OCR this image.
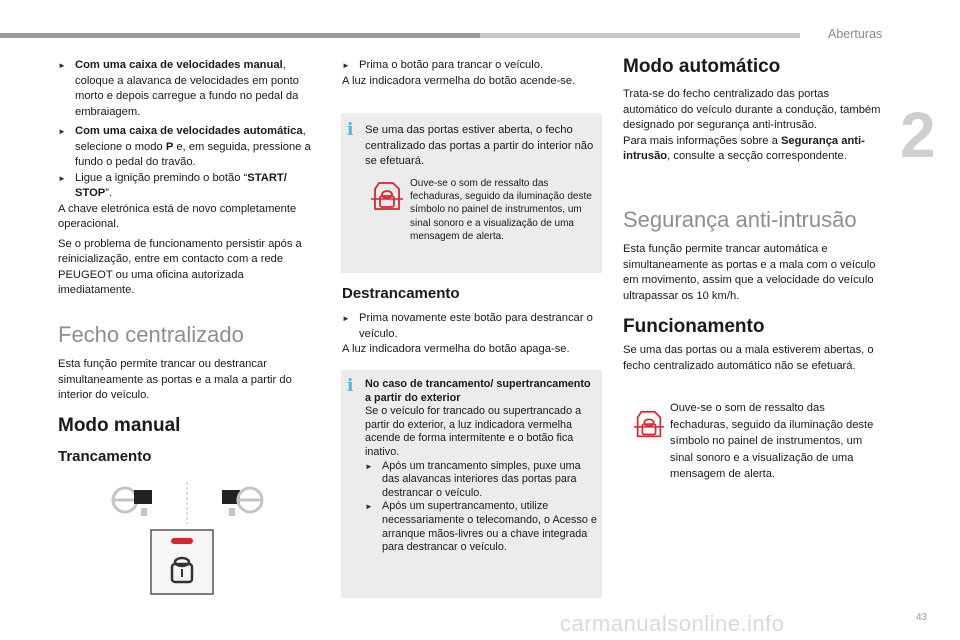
Aberturas
2
43
carmanualsonline.info
► Com uma caixa de velocidades manual, coloque a alavanca de velocidades em ponto morto e depois carregue a fundo no pedal da embraiagem.
► Com uma caixa de velocidades automática, selecione o modo P e, em seguida, pressione a fundo o pedal do travão.
► Ligue a ignição premindo o botão “START/ STOP”.
A chave eletrónica está de novo completamente operacional.
Se o problema de funcionamento persistir após a reinicialização, entre em contacto com a rede PEUGEOT ou uma oficina autorizada imediatamente.
Fecho centralizado
Esta função permite trancar ou destrancar simultaneamente as portas e a mala a partir do interior do veículo.
Modo manual
Trancamento
► Prima o botão para trancar o veículo.
A luz indicadora vermelha do botão acende-se.
i Se uma das portas estiver aberta, o fecho centralizado das portas a partir do interior não se efetuará.
Ouve-se o som de ressalto das fechaduras, seguido da iluminação deste símbolo no painel de instrumentos, um sinal sonoro e a visualização de uma mensagem de alerta.
Destrancamento
► Prima novamente este botão para destrancar o veículo.
A luz indicadora vermelha do botão apaga-se.
i No caso de trancamento/ supertrancamento a partir do exterior
Se o veículo for trancado ou supertrancado a partir do exterior, a luz indicadora vermelha acende de forma intermitente e o botão fica inativo.
► Após um trancamento simples, puxe uma das alavancas interiores das portas para destrancar o veículo.
► Após um supertrancamento, utilize necessariamente o telecomando, o Acesso e arranque mãos-livres ou a chave integrada para destrancar o veículo.
Modo automático
Trata-se do fecho centralizado das portas automático do veículo durante a condução, também designado por segurança anti-intrusão.
Para mais informações sobre a Segurança anti-intrusão, consulte a secção correspondente.
Segurança anti-intrusão
Esta função permite trancar automática e simultaneamente as portas e a mala com o veículo em movimento, assim que a velocidade do veículo ultrapassar os 10 km/h.
Funcionamento
Se uma das portas ou a mala estiverem abertas, o fecho centralizado automático não se efetuará.
Ouve-se o som de ressalto das fechaduras, seguido da iluminação deste símbolo no painel de instrumentos, um sinal sonoro e a visualização de uma mensagem de alerta.
